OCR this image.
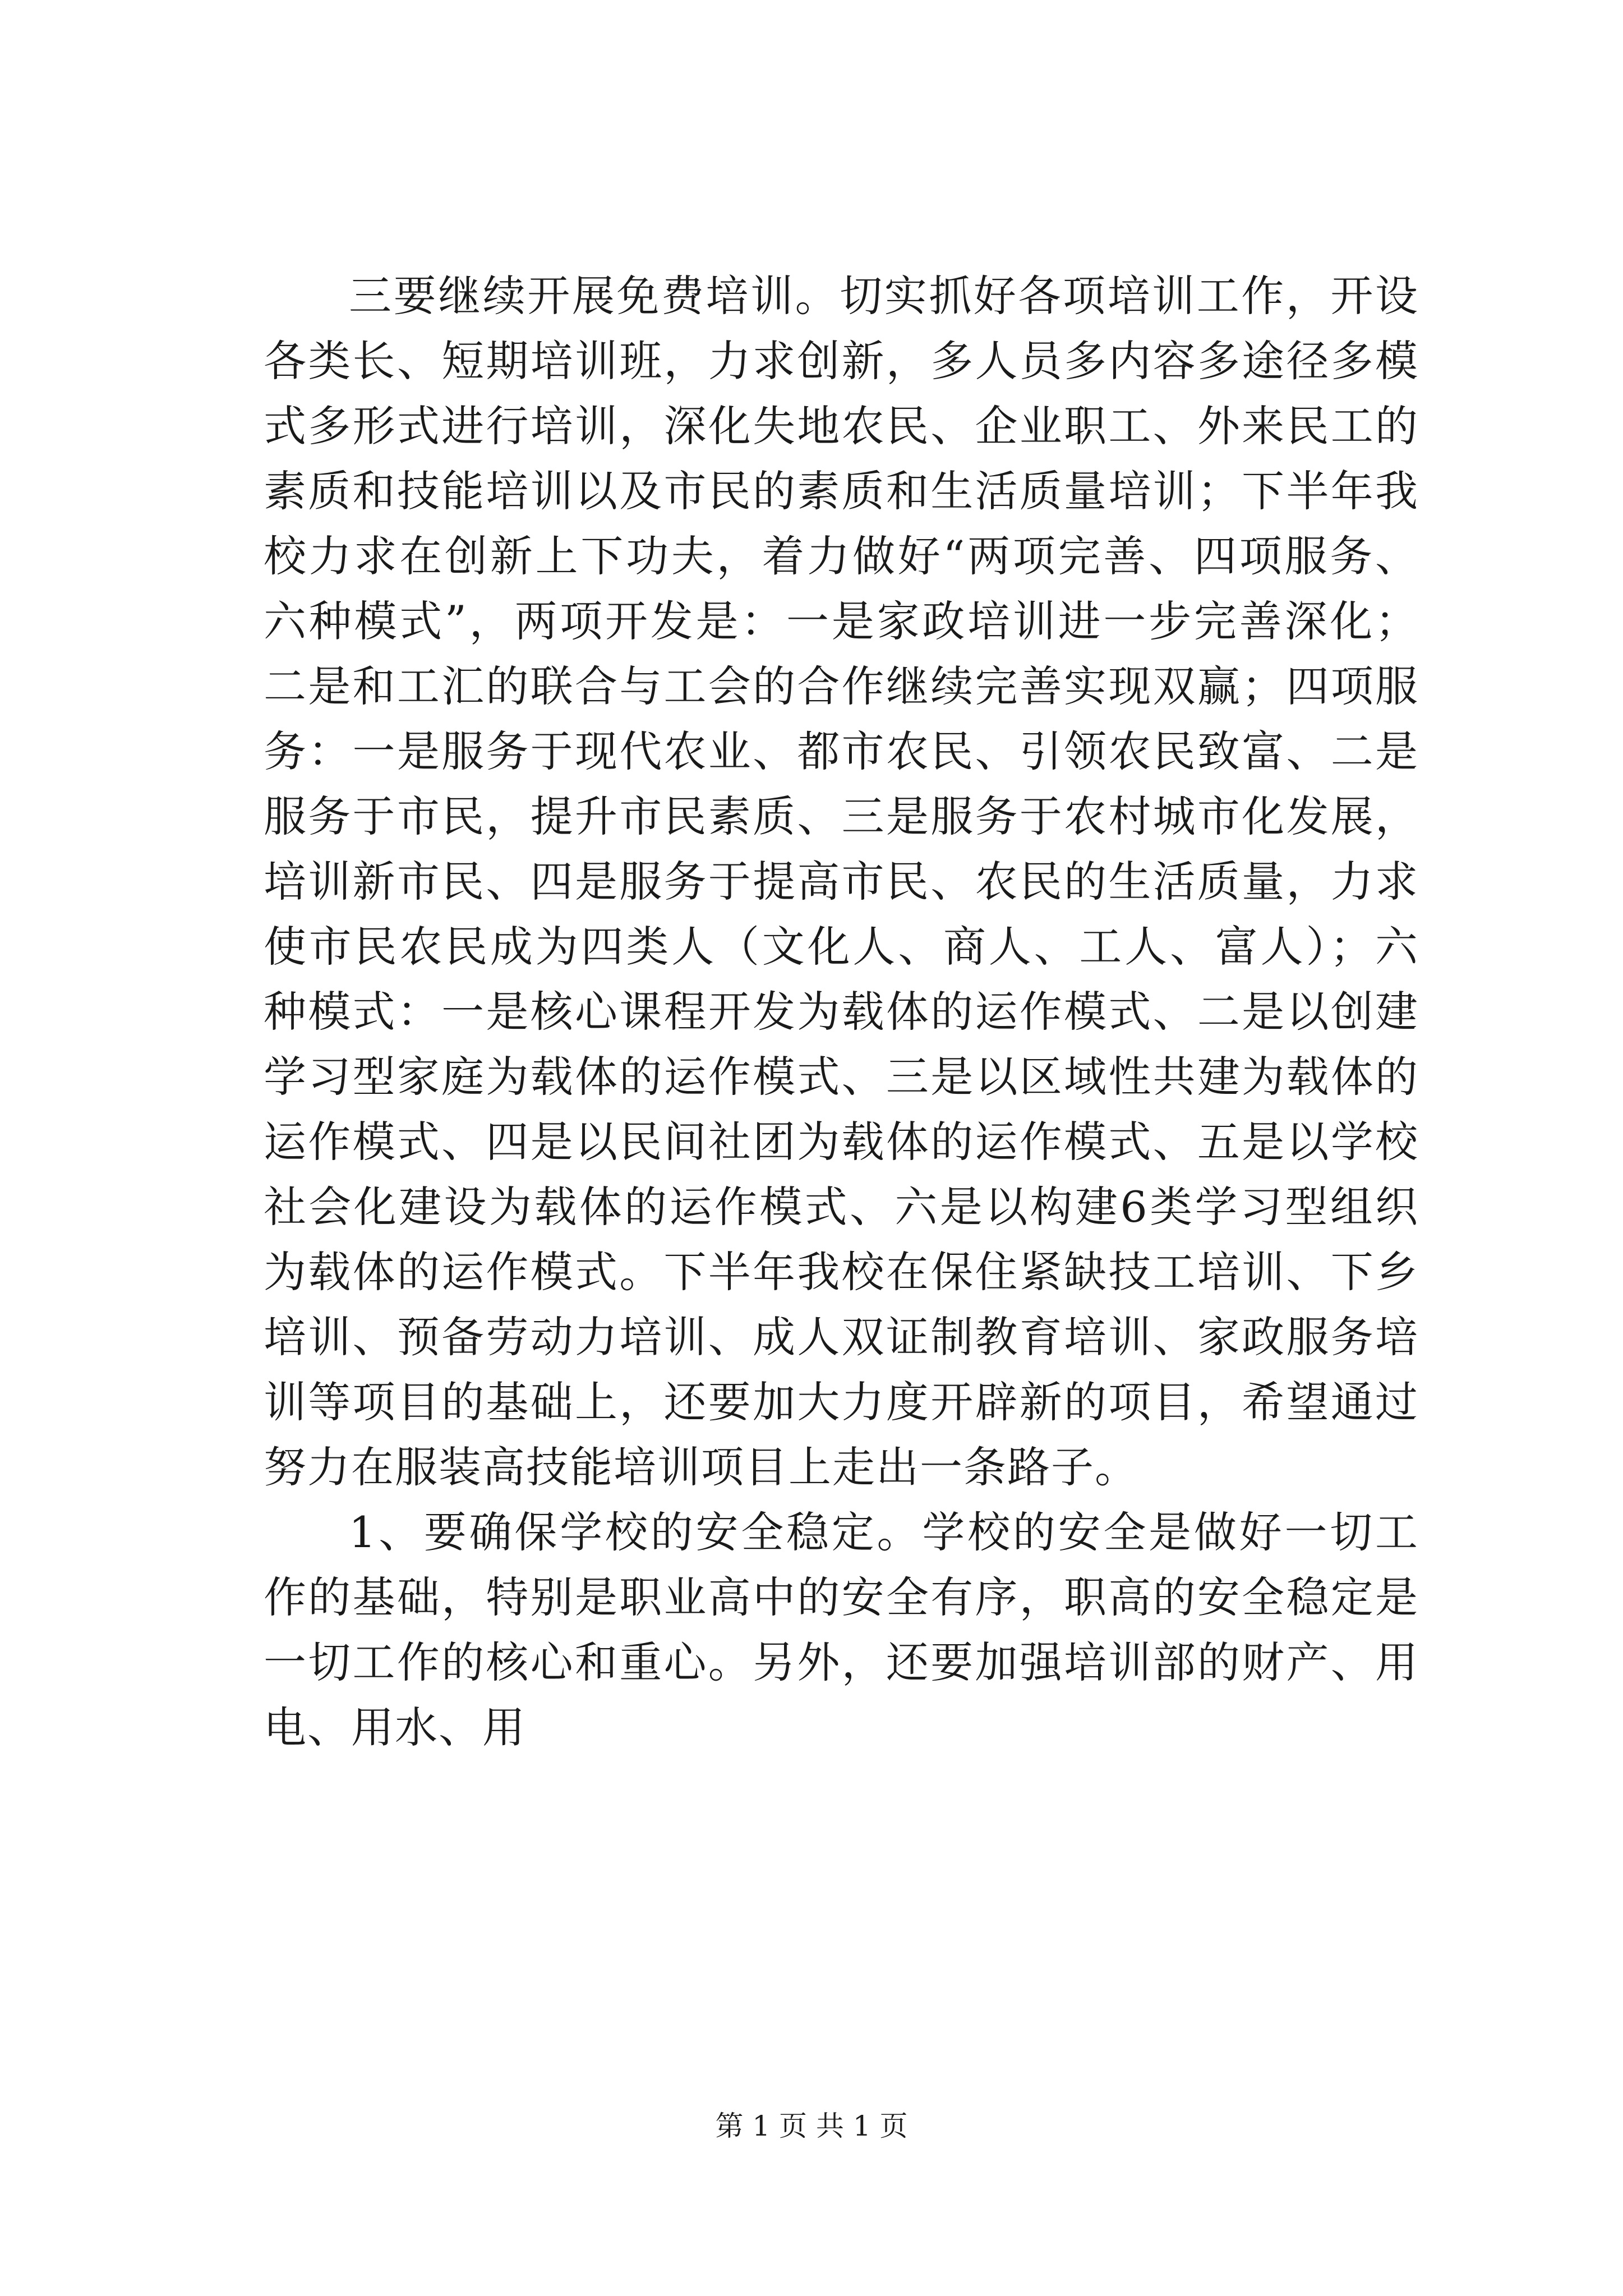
三要继续开展免费培训。切实抓好各项培训工作，开设各类长、短期培训班，力求创新，多人员多内容多途径多模式多形式进行培训，深化失地农民、企业职工、外来民工的素质和技能培训以及市民的素质和生活质量培训；下半年我校力求在创新上下功夫，着力做好“两项完善、四项服务、六种模式”，两项开发是：一是家政培训进一步完善深化；二是和工汇的联合与工会的合作继续完善实现双赢；四项服务：一是服务于现代农业、都市农民、引领农民致富、二是服务于市民，提升市民素质、三是服务于农村城市化发展，培训新市民、四是服务于提高市民、农民的生活质量，力求使市民农民成为四类人（文化人、商人、工人、富人）；六种模式：一是核心课程开发为载体的运作模式、二是以创建学习型家庭为载体的运作模式、三是以区域性共建为载体的运作模式、四是以民间社团为载体的运作模式、五是以学校社会化建设为载体的运作模式、六是以构建6类学习型组织为载体的运作模式。下半年我校在保住紧缺技工培训、下乡培训、预备劳动力培训、成人双证制教育培训、家政服务培训等项目的基础上，还要加大力度开辟新的项目，希望通过努力在服装高技能培训项目上走出一条路子。

1、要确保学校的安全稳定。学校的安全是做好一切工作的基础，特别是职业高中的安全有序，职高的安全稳定是一切工作的核心和重心。另外，还要加强培训部的财产、用电、用水、用

第 1 页 共 1 页
